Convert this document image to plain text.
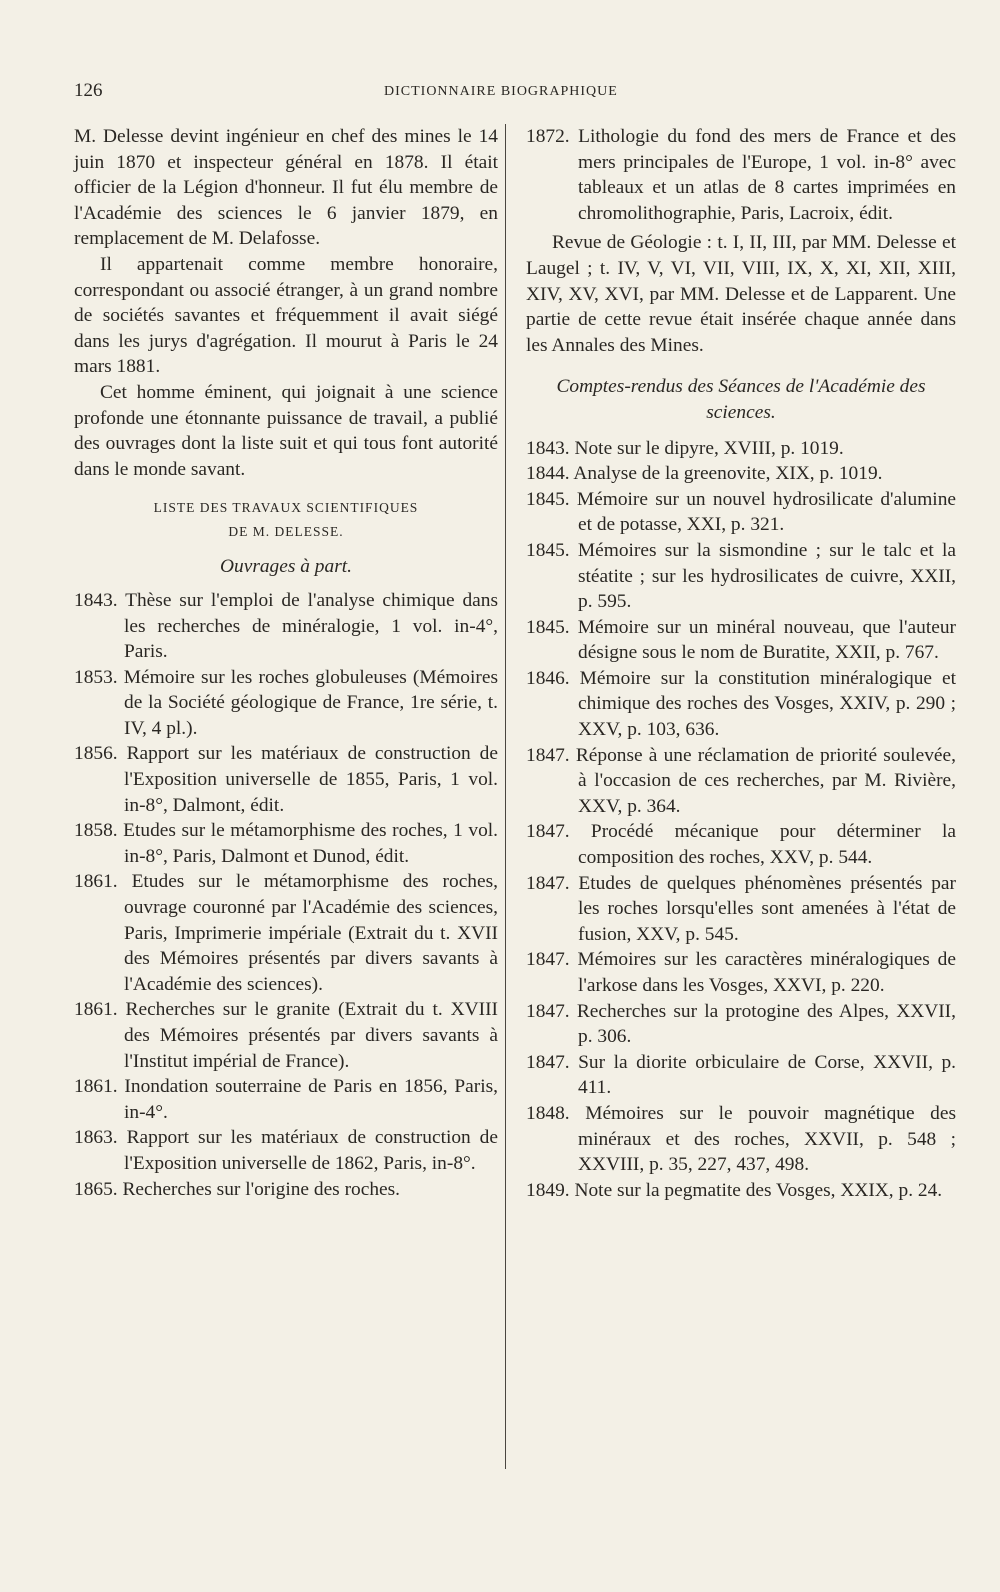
126	DICTIONNAIRE BIOGRAPHIQUE

M. Delesse devint ingénieur en chef des mines le 14 juin 1870 et inspecteur général en 1878. Il était officier de la Légion d'honneur. Il fut élu membre de l'Académie des sciences le 6 janvier 1879, en remplacement de M. Delafosse.

Il appartenait comme membre honoraire, correspondant ou associé étranger, à un grand nombre de sociétés savantes et fréquemment il avait siégé dans les jurys d'agrégation. Il mourut à Paris le 24 mars 1881.

Cet homme éminent, qui joignait à une science profonde une étonnante puissance de travail, a publié des ouvrages dont la liste suit et qui tous font autorité dans le monde savant.

LISTE DES TRAVAUX SCIENTIFIQUES
DE M. DELESSE.
Ouvrages à part.

1843. Thèse sur l'emploi de l'analyse chimique dans les recherches de minéralogie, 1 vol. in-4°, Paris.

1853. Mémoire sur les roches globuleuses (Mémoires de la Société géologique de France, 1re série, t. IV, 4 pl.).

1856. Rapport sur les matériaux de construction de l'Exposition universelle de 1855, Paris, 1 vol. in-8°, Dalmont, édit.

1858. Etudes sur le métamorphisme des roches, 1 vol. in-8°, Paris, Dalmont et Dunod, édit.

1861. Etudes sur le métamorphisme des roches, ouvrage couronné par l'Académie des sciences, Paris, Imprimerie impériale (Extrait du t. XVII des Mémoires présentés par divers savants à l'Académie des sciences).

1861. Recherches sur le granite (Extrait du t. XVIII des Mémoires présentés par divers savants à l'Institut impérial de France).

1861. Inondation souterraine de Paris en 1856, Paris, in-4°.

1863. Rapport sur les matériaux de construction de l'Exposition universelle de 1862, Paris, in-8°.

1865. Recherches sur l'origine des roches.

1872. Lithologie du fond des mers de France et des mers principales de l'Europe, 1 vol. in-8° avec tableaux et un atlas de 8 cartes imprimées en chromolithographie, Paris, Lacroix, édit.

Revue de Géologie : t. I, II, III, par MM. Delesse et Laugel ; t. IV, V, VI, VII, VIII, IX, X, XI, XII, XIII, XIV, XV, XVI, par MM. Delesse et de Lapparent. Une partie de cette revue était insérée chaque année dans les Annales des Mines.

Comptes-rendus des Séances de l'Académie des sciences.

1843. Note sur le dipyre, XVIII, p. 1019.

1844. Analyse de la greenovite, XIX, p. 1019.

1845. Mémoire sur un nouvel hydrosilicate d'alumine et de potasse, XXI, p. 321.

1845. Mémoires sur la sismondine ; sur le talc et la stéatite ; sur les hydrosilicates de cuivre, XXII, p. 595.

1845. Mémoire sur un minéral nouveau, que l'auteur désigne sous le nom de Buratite, XXII, p. 767.

1846. Mémoire sur la constitution minéralogique et chimique des roches des Vosges, XXIV, p. 290 ; XXV, p. 103, 636.

1847. Réponse à une réclamation de priorité soulevée, à l'occasion de ces recherches, par M. Rivière, XXV, p. 364.

1847. Procédé mécanique pour déterminer la composition des roches, XXV, p. 544.

1847. Etudes de quelques phénomènes présentés par les roches lorsqu'elles sont amenées à l'état de fusion, XXV, p. 545.

1847. Mémoires sur les caractères minéralogiques de l'arkose dans les Vosges, XXVI, p. 220.

1847. Recherches sur la protogine des Alpes, XXVII, p. 306.

1847. Sur la diorite orbiculaire de Corse, XXVII, p. 411.

1848. Mémoires sur le pouvoir magnétique des minéraux et des roches, XXVII, p. 548 ; XXVIII, p. 35, 227, 437, 498.

1849. Note sur la pegmatite des Vosges, XXIX, p. 24.
